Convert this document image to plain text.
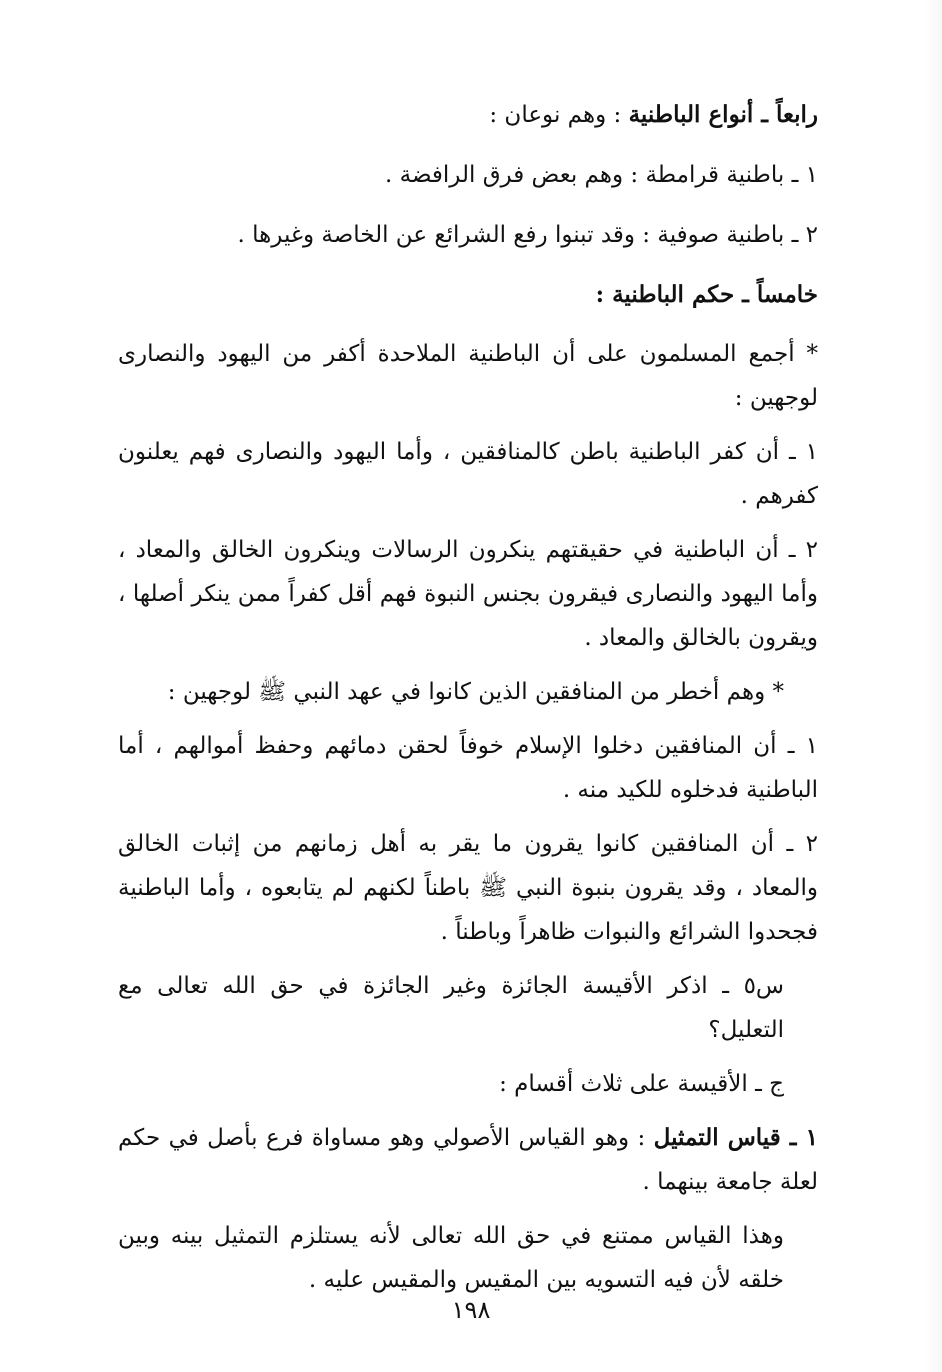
رابعاً ـ أنواع الباطنية : وهم نوعان :

١ ـ باطنية قرامطة : وهم بعض فرق الرافضة .

٢ ـ باطنية صوفية : وقد تبنوا رفع الشرائع عن الخاصة وغيرها .

خامساً ـ حكم الباطنية :

* أجمع المسلمون على أن الباطنية الملاحدة أكفر من اليهود والنصارى لوجهين :

١ ـ أن كفر الباطنية باطن كالمنافقين ، وأما اليهود والنصارى فهم يعلنون كفرهم .

٢ ـ أن الباطنية في حقيقتهم ينكرون الرسالات وينكرون الخالق والمعاد ، وأما اليهود والنصارى فيقرون بجنس النبوة فهم أقل كفراً ممن ينكر أصلها ، ويقرون بالخالق والمعاد .

* وهم أخطر من المنافقين الذين كانوا في عهد النبي ﷺ لوجهين :

١ ـ أن المنافقين دخلوا الإسلام خوفاً لحقن دمائهم وحفظ أموالهم ، أما الباطنية فدخلوه للكيد منه .

٢ ـ أن المنافقين كانوا يقرون ما يقر به أهل زمانهم من إثبات الخالق والمعاد ، وقد يقرون بنبوة النبي ﷺ باطناً لكنهم لم يتابعوه ، وأما الباطنية فجحدوا الشرائع والنبوات ظاهراً وباطناً .

س٥ ـ اذكر الأقيسة الجائزة وغير الجائزة في حق الله تعالى مع التعليل؟

ج ـ الأقيسة على ثلاث أقسام :

١ ـ قياس التمثيل : وهو القياس الأصولي وهو مساواة فرع بأصل في حكم لعلة جامعة بينهما .

وهذا القياس ممتنع في حق الله تعالى لأنه يستلزم التمثيل بينه وبين خلقه لأن فيه التسويه بين المقيس والمقيس عليه .

١٩٨
